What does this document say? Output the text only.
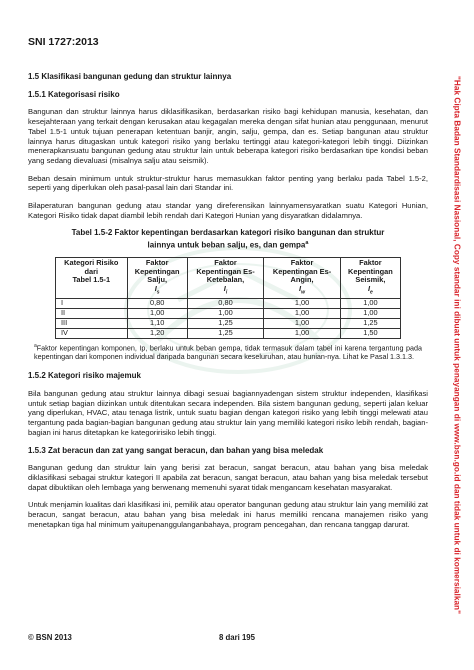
SNI 1727:2013
1.5 Klasifikasi bangunan gedung dan struktur lainnya
1.5.1 Kategorisasi risiko

Bangunan dan struktur lainnya harus diklasifikasikan, berdasarkan risiko bagi kehidupan manusia, kesehatan, dan kesejahteraan yang terkait dengan kerusakan atau kegagalan mereka dengan sifat hunian atau penggunaan, menurut Tabel 1.5-1 untuk tujuan penerapan ketentuan banjir, angin, salju, gempa, dan es. Setiap bangunan atau struktur lainnya harus ditugaskan untuk kategori risiko yang berlaku tertinggi atau kategori-kategori lebih tinggi. Diizinkan menerapkansuatu bangunan gedung atau struktur lain untuk beberapa kategori risiko berdasarkan tipe kondisi beban yang sedang dievaluasi (misalnya salju atau seismik).

Beban desain minimum untuk struktur-struktur harus memasukkan faktor penting yang berlaku pada Tabel 1.5-2, seperti yang diperlukan oleh pasal-pasal lain dari Standar ini.

Bilaperaturan bangunan gedung atau standar yang direferensikan lainnyamensyaratkan suatu Kategori Hunian, Kategori Risiko tidak dapat diambil lebih rendah dari Kategori Hunian yang disyaratkan didalamnya.

Tabel 1.5-2 Faktor kepentingan berdasarkan kategori risiko bangunan dan struktur
lainnya untuk beban salju, es, dan gempa$^a$
Kategori Risiko
dari
Tabel 1.5-1	Faktor
Kepentingan
Salju,
$I_s$	Faktor
Kepentingan Es-
Ketebalan,
$I_i$	Faktor
Kepentingan Es-
Angin,
$I_w$	Faktor
Kepentingan
Seismik,
$I_e$
I	0,80	0,80	1,00	1,00
II	1,00	1,00	1,00	1,00
III	1,10	1,25	1,00	1,25
IV	1,20	1,25	1,00	1,50
$^a$Faktor kepentingan komponen, Ip, berlaku untuk beban gempa, tidak termasuk dalam tabel ini karena tergantung pada kepentingan dari komponen individual daripada bangunan secara keseluruhan, atau hunian-nya. Lihat ke Pasal 1.3.1.3.
1.5.2 Kategori risiko majemuk

Bila bangunan gedung atau struktur lainnya dibagi sesuai bagiannyadengan sistem struktur independen, klasifikasi untuk setiap bagian diizinkan untuk ditentukan secara independen. Bila sistem bangunan gedung, seperti jalan keluar yang diperlukan, HVAC, atau tenaga listrik, untuk suatu bagian dengan kategori risiko yang lebih tinggi melewati atau tergantung pada bagian-bagian bangunan gedung atau struktur lain yang memiliki kategori risiko lebih rendah, bagian-bagian ini harus ditetapkan ke kategoririsiko lebih tinggi.

1.5.3 Zat beracun dan zat yang sangat beracun, dan bahan yang bisa meledak

Bangunan gedung dan struktur lain yang berisi zat beracun, sangat beracun, atau bahan yang bisa meledak diklasifikasi sebagai struktur kategori II apabila zat beracun, sangat beracun, atau bahan yang bisa meledak tersebut dapat dibuktikan oleh lembaga yang berwenang memenuhi syarat tidak mengancam kesehatan masyarakat.

Untuk menjamin kualitas dari klasifikasi ini, pemilik atau operator bangunan gedung atau struktur lain yang memiliki zat beracun, sangat beracun, atau bahan yang bisa meledak ini harus memiliki rencana manajemen risiko yang menetapkan tiga hal minimum yaitupenanggulanganbahaya, program pencegahan, dan rencana tanggap darurat.	"Hak Cipta Badan Standardisasi Nasional, Copy standar ini dibuat untuk penayangan di www.bsn.go.id dan tidak untuk di komersialkan"
© BSN 2013	8 dari 195
